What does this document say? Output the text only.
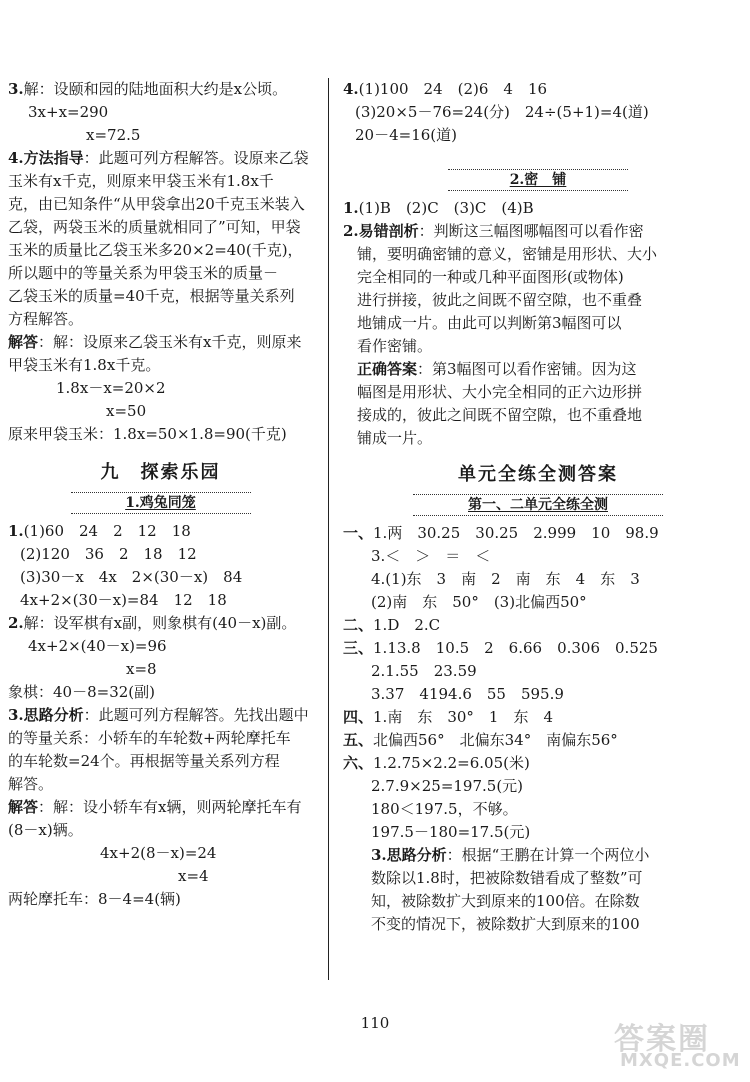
3.解：设颐和园的陆地面积大约是x公顷。
3x+x=290
x=72.5
4.方法指导：此题可列方程解答。设原来乙袋
玉米有x千克，则原来甲袋玉米有1.8x千
克，由已知条件“从甲袋拿出20千克玉米装入
乙袋，两袋玉米的质量就相同了”可知，甲袋
玉米的质量比乙袋玉米多20×2=40(千克)，
所以题中的等量关系为甲袋玉米的质量－
乙袋玉米的质量=40千克，根据等量关系列
方程解答。
解答：解：设原来乙袋玉米有x千克，则原来
甲袋玉米有1.8x千克。
1.8x－x=20×2
x=50
原来甲袋玉米：1.8x=50×1.8=90(千克)
九　探索乐园
1.鸡兔同笼
1.(1)60　24　2　12　18
(2)120　36　2　18　12
(3)30－x　4x　2×(30－x)　84
4x+2×(30－x)=84　12　18
2.解：设军棋有x副，则象棋有(40－x)副。
4x+2×(40－x)=96
x=8
象棋：40－8=32(副)
3.思路分析：此题可列方程解答。先找出题中
的等量关系：小轿车的车轮数+两轮摩托车
的车轮数=24个。再根据等量关系列方程
解答。
解答：解：设小轿车有x辆，则两轮摩托车有
(8－x)辆。
4x+2(8－x)=24
x=4
两轮摩托车：8－4=4(辆)
4.(1)100　24　(2)6　4　16
(3)20×5－76=24(分)　24÷(5+1)=4(道)
20－4=16(道)
2.密　铺
1.(1)B　(2)C　(3)C　(4)B
2.易错剖析：判断这三幅图哪幅图可以看作密
铺，要明确密铺的意义，密铺是用形状、大小
完全相同的一种或几种平面图形(或物体)
进行拼接，彼此之间既不留空隙，也不重叠
地铺成一片。由此可以判断第3幅图可以
看作密铺。
正确答案：第3幅图可以看作密铺。因为这
幅图是用形状、大小完全相同的正六边形拼
接成的，彼此之间既不留空隙，也不重叠地
铺成一片。
单元全练全测答案
第一、二单元全练全测
一、1.两　30.25　30.25　2.999　10　98.9
3.＜　＞　＝　＜
4.(1)东　3　南　2　南　东　4　东　3
(2)南　东　50°　(3)北偏西50°
二、1.D　2.C
三、1.13.8　10.5　2　6.66　0.306　0.525
2.1.55　23.59
3.37　4194.6　55　595.9
四、1.南　东　30°　1　东　4
五、北偏西56°　北偏东34°　南偏东56°
六、1.2.75×2.2=6.05(米)
2.7.9×25=197.5(元)
180＜197.5，不够。
197.5－180=17.5(元)
3.思路分析：根据“王鹏在计算一个两位小
数除以1.8时，把被除数错看成了整数”可
知，被除数扩大到原来的100倍。在除数
不变的情况下，被除数扩大到原来的100
110	答案圈
MXQE.COM
